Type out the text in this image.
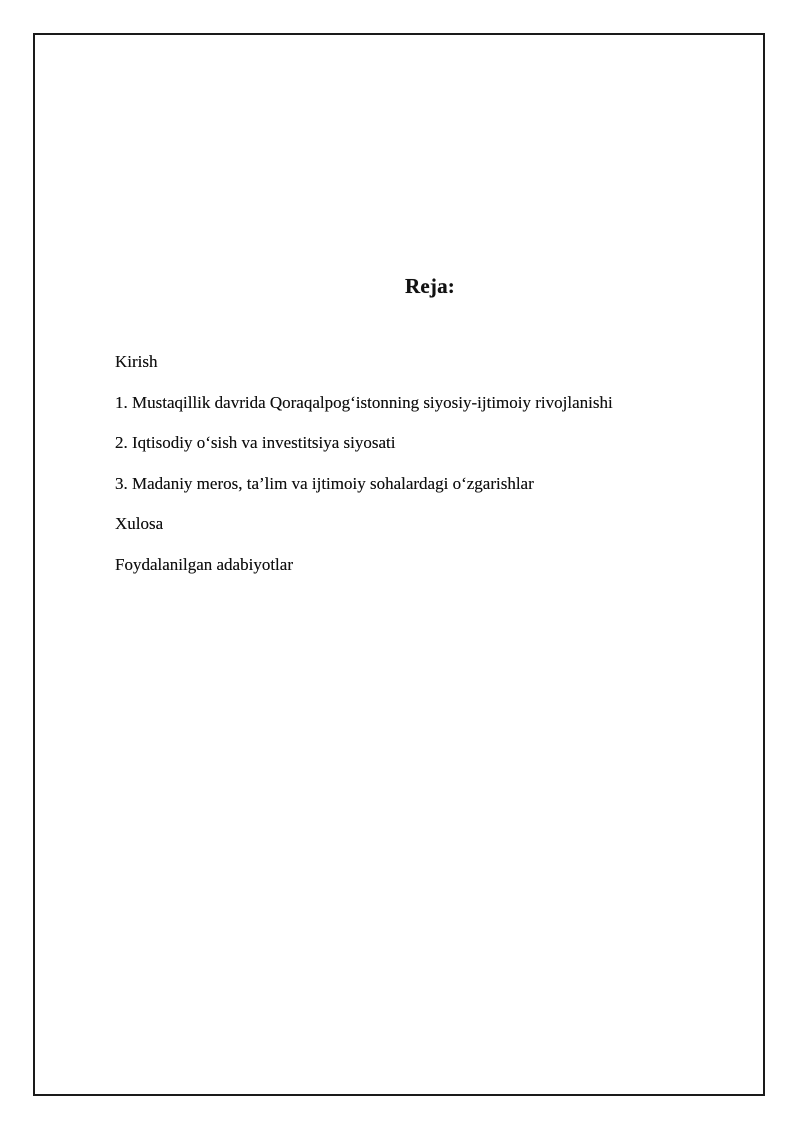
Reja:
Kirish
1. Mustaqillik davrida Qoraqalpog‘istonning siyosiy-ijtimoiy rivojlanishi
2. Iqtisodiy o‘sish va investitsiya siyosati
3. Madaniy meros, ta’lim va ijtimoiy sohalardagi o‘zgarishlar
Xulosa
Foydalanilgan adabiyotlar
